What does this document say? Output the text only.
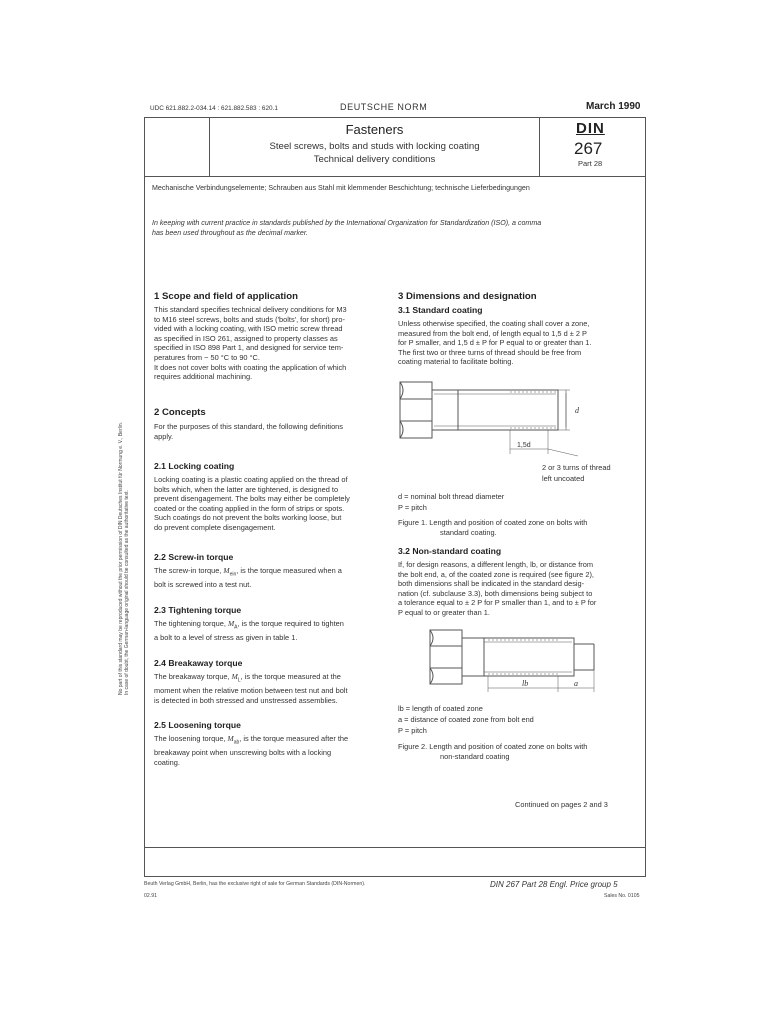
UDC 621.882.2-034.14 : 621.882.583 : 620.1	DEUTSCHE NORM	March 1990
Fasteners
Steel screws, bolts and studs with locking coating
Technical delivery conditions
DIN
267
Part 28
Mechanische Verbindungselemente; Schrauben aus Stahl mit klemmender Beschichtung; technische Lieferbedingungen
In keeping with current practice in standards published by the International Organization for Standardization (ISO), a comma
has been used throughout as the decimal marker.
No part of this standard may be reproduced without the prior permission of DIN Deutsches Institut für Normung e. V., Berlin. In case of doubt, the German-language original should be consulted as the authoritative text.
1 Scope and field of application
This standard specifies technical delivery conditions for M3
to M16 steel screws, bolts and studs ('bolts', for short) pro-
vided with a locking coating, with ISO metric screw thread
as specified in ISO 261, assigned to property classes as
specified in ISO 898 Part 1, and designed for service tem-
peratures from − 50 °C to 90 °C.
It does not cover bolts with coating the application of which
requires additional machining.
2 Concepts
For the purposes of this standard, the following definitions
apply.
2.1 Locking coating
Locking coating is a plastic coating applied on the thread of
bolts which, when the latter are tightened, is designed to
prevent disengagement. The bolts may either be completely
coated or the coating applied in the form of strips or spots.
Such coatings do not prevent the bolts working loose, but
do prevent complete disengagement.
2.2 Screw-in torque
The screw-in torque, $M_{ein}$, is the torque measured when a
bolt is screwed into a test nut.
2.3 Tightening torque
The tightening torque, $M_A$, is the torque required to tighten
a bolt to a level of stress as given in table 1.
2.4 Breakaway torque
The breakaway torque, $M_L$, is the torque measured at the
moment when the relative motion between test nut and bolt
is detected in both stressed and unstressed assemblies.
2.5 Loosening torque
The loosening torque, $M_{ab}$, is the torque measured after the
breakaway point when unscrewing bolts with a locking
coating.
3 Dimensions and designation
3.1 Standard coating
Unless otherwise specified, the coating shall cover a zone,
measured from the bolt end, of length equal to 1,5 d ± 2 P
for P smaller, and 1,5 d ± P for P equal to or greater than 1.
The first two or three turns of thread should be free from
coating material to facilitate bolting.
d
1,5d
2 or 3 turns of thread
left uncoated
d = nominal bolt thread diameter
P = pitch
Figure 1. Length and position of coated zone on bolts with
standard coating.
3.2 Non-standard coating
If, for design reasons, a different length, lb, or distance from
the bolt end, a, of the coated zone is required (see figure 2),
both dimensions shall be indicated in the standard desig-
nation (cf. subclause 3.3), both dimensions being subject to
a tolerance equal to ± 2 P for P smaller than 1, and to ± P for
P equal to or greater than 1.
lb	a
lb = length of coated zone
a = distance of coated zone from bolt end
P = pitch
Figure 2. Length and position of coated zone on bolts with
non-standard coating
Continued on pages 2 and 3
Beuth Verlag GmbH, Berlin, has the exclusive right of sale for German Standards (DIN-Normen).
02.91
DIN 267 Part 28 Engl. Price group 5
Sales No. 0105
